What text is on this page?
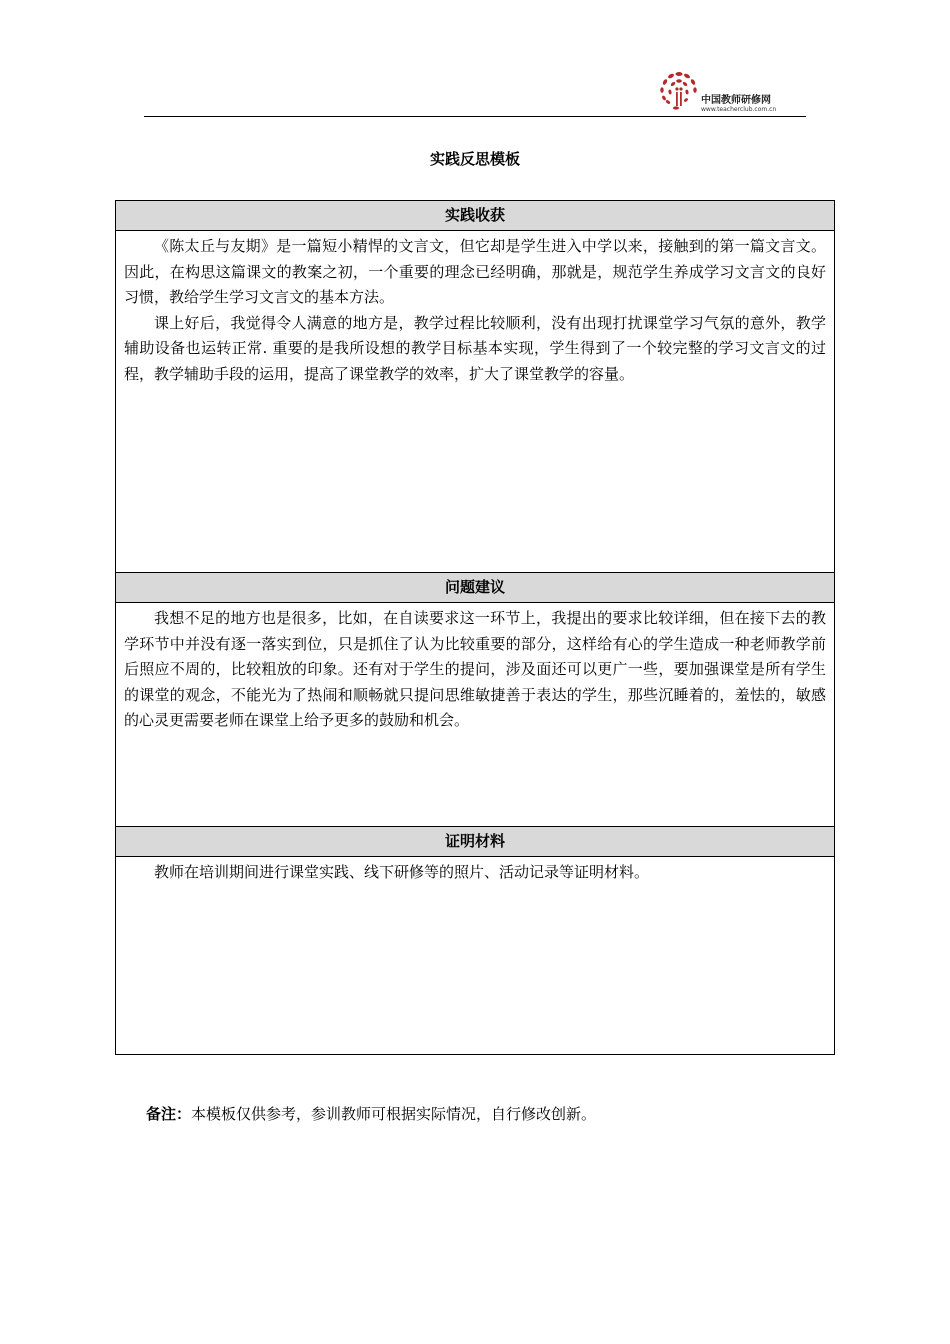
中国教师研修网
www.teacherclub.com.cn
实践反思模板
实践收获

《陈太丘与友期》是一篇短小精悍的文言文，但它却是学生进入中学以来，接触到的第一篇文言文。因此，在构思这篇课文的教案之初，一个重要的理念已经明确，那就是，规范学生养成学习文言文的良好习惯，教给学生学习文言文的基本方法。

课上好后，我觉得令人满意的地方是，教学过程比较顺利，没有出现打扰课堂学习气氛的意外，教学辅助设备也运转正常. 重要的是我所设想的教学目标基本实现，学生得到了一个较完整的学习文言文的过程，教学辅助手段的运用，提高了课堂教学的效率，扩大了课堂教学的容量。

问题建议

我想不足的地方也是很多，比如，在自读要求这一环节上，我提出的要求比较详细，但在接下去的教学环节中并没有逐一落实到位，只是抓住了认为比较重要的部分，这样给有心的学生造成一种老师教学前后照应不周的，比较粗放的印象。还有对于学生的提问，涉及面还可以更广一些，要加强课堂是所有学生的课堂的观念，不能光为了热闹和顺畅就只提问思维敏捷善于表达的学生，那些沉睡着的，羞怯的，敏感的心灵更需要老师在课堂上给予更多的鼓励和机会。

证明材料

教师在培训期间进行课堂实践、线下研修等的照片、活动记录等证明材料。

备注：本模板仅供参考，参训教师可根据实际情况，自行修改创新。
